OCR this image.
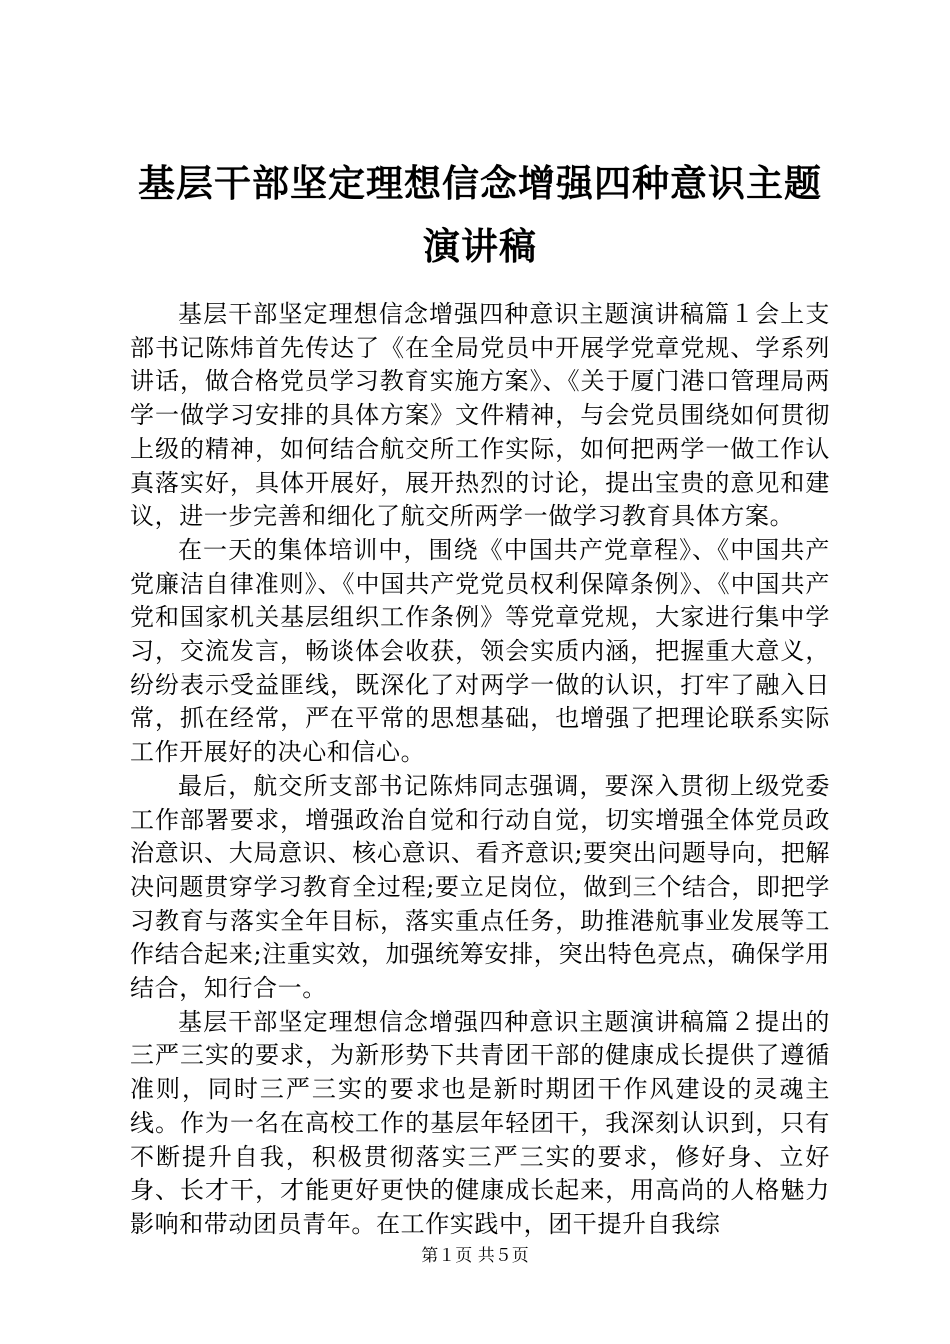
基层干部坚定理想信念增强四种意识主题演讲稿

基层干部坚定理想信念增强四种意识主题演讲稿篇１会上支部书记陈炜首先传达了《在全局党员中开展学党章党规、学系列讲话，做合格党员学习教育实施方案》、《关于厦门港口管理局两学一做学习安排的具体方案》文件精神，与会党员围绕如何贯彻上级的精神，如何结合航交所工作实际，如何把两学一做工作认真落实好，具体开展好，展开热烈的讨论，提出宝贵的意见和建议，进一步完善和细化了航交所两学一做学习教育具体方案。

在一天的集体培训中，围绕《中国共产党章程》、《中国共产党廉洁自律准则》、《中国共产党党员权利保障条例》、《中国共产党和国家机关基层组织工作条例》等党章党规，大家进行集中学习，交流发言，畅谈体会收获，领会实质内涵，把握重大意义，纷纷表示受益匪线，既深化了对两学一做的认识，打牢了融入日常，抓在经常，严在平常的思想基础，也增强了把理论联系实际工作开展好的决心和信心。

最后，航交所支部书记陈炜同志强调，要深入贯彻上级党委工作部署要求，增强政治自觉和行动自觉，切实增强全体党员政治意识、大局意识、核心意识、看齐意识;要突出问题导向，把解决问题贯穿学习教育全过程;要立足岗位，做到三个结合，即把学习教育与落实全年目标，落实重点任务，助推港航事业发展等工作结合起来;注重实效，加强统筹安排，突出特色亮点，确保学用结合，知行合一。

基层干部坚定理想信念增强四种意识主题演讲稿篇２提出的三严三实的要求，为新形势下共青团干部的健康成长提供了遵循准则，同时三严三实的要求也是新时期团干作风建设的灵魂主线。作为一名在高校工作的基层年轻团干，我深刻认识到，只有不断提升自我，积极贯彻落实三严三实的要求，修好身、立好身、长才干，才能更好更快的健康成长起来，用高尚的人格魅力影响和带动团员青年。在工作实践中，团干提升自我综

第１页 共５页
